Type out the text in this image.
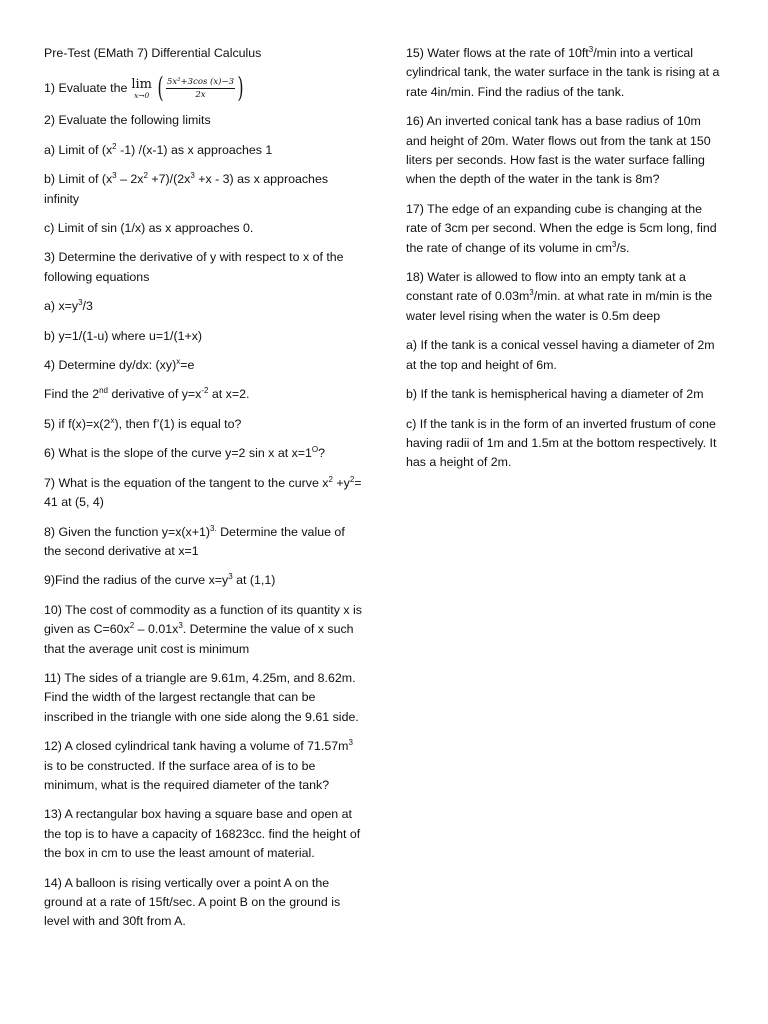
Pre-Test (EMath 7) Differential Calculus
1) Evaluate the lim
x→0 ( $\frac{\text{5x²+3cos (x)−3}}{2x}$ )

2) Evaluate the following limits

a) Limit of ($x^2$ -1) /(x-1) as x approaches 1

b) Limit of $(x^3 - 2x^2 +7)/(2x^3 +x - 3)$ as x approaches infinity

c) Limit of sin (1/x) as x approaches 0.

3) Determine the derivative of y with respect to x of the following equations

a) $x=y^3/3$

b) y=1/(1-u) where u=1/(1+x)

4) Determine dy/dx: (xy)$^x$=e

Find the 2nd derivative of $y=x^{-2}$ at x=2.

5) if $f(x)=x(2^x)$, then f’(1) is equal to?

6) What is the slope of the curve y=2 sin x at $x=1^O$?

7) What is the equation of the tangent to the curve $x^2 +y^2= 41$ at (5, 4)

8) Given the function $y=x(x+1)^{3.}$ Determine the value of the second derivative at x=1

9)Find the radius of the curve $x=y^3$ at (1,1)

10) The cost of commodity as a function of its quantity x is given as $C=60x^2 - 0.01x^3$. Determine the value of x such that the average unit cost is minimum

11) The sides of a triangle are 9.61m, 4.25m, and 8.62m. Find the width of the largest rectangle that can be inscribed in the triangle with one side along the 9.61 side.

12) A closed cylindrical tank having a volume of $71.57m^3$ is to be constructed. If the surface area of is to be minimum, what is the required diameter of the tank?

13) A rectangular box having a square base and open at the top is to have a capacity of 16823cc. find the height of the box in cm to use the least amount of material.

14) A balloon is rising vertically over a point A on the ground at a rate of 15ft/sec. A point B on the ground is level with and 30ft from A.

15) Water flows at the rate of $10ft^3/\min$ into a vertical cylindrical tank, the water surface in the tank is rising at a rate 4in/min. Find the radius of the tank.

16) An inverted conical tank has a base radius of 10m and height of 20m. Water flows out from the tank at 150 liters per seconds. How fast is the water surface falling when the depth of the water in the tank is 8m?

17) The edge of an expanding cube is changing at the rate of 3cm per second. When the edge is 5cm long, find the rate of change of its volume in $cm^3/s$.

18) Water is allowed to flow into an empty tank at a constant rate of $0.03m^3/\min$. at what rate in m/min is the water level rising when the water is 0.5m deep

a) If the tank is a conical vessel having a diameter of 2m at the top and height of 6m.

b) If the tank is hemispherical having a diameter of 2m

c) If the tank is in the form of an inverted frustum of cone having radii of 1m and 1.5m at the bottom respectively. It has a height of 2m.
